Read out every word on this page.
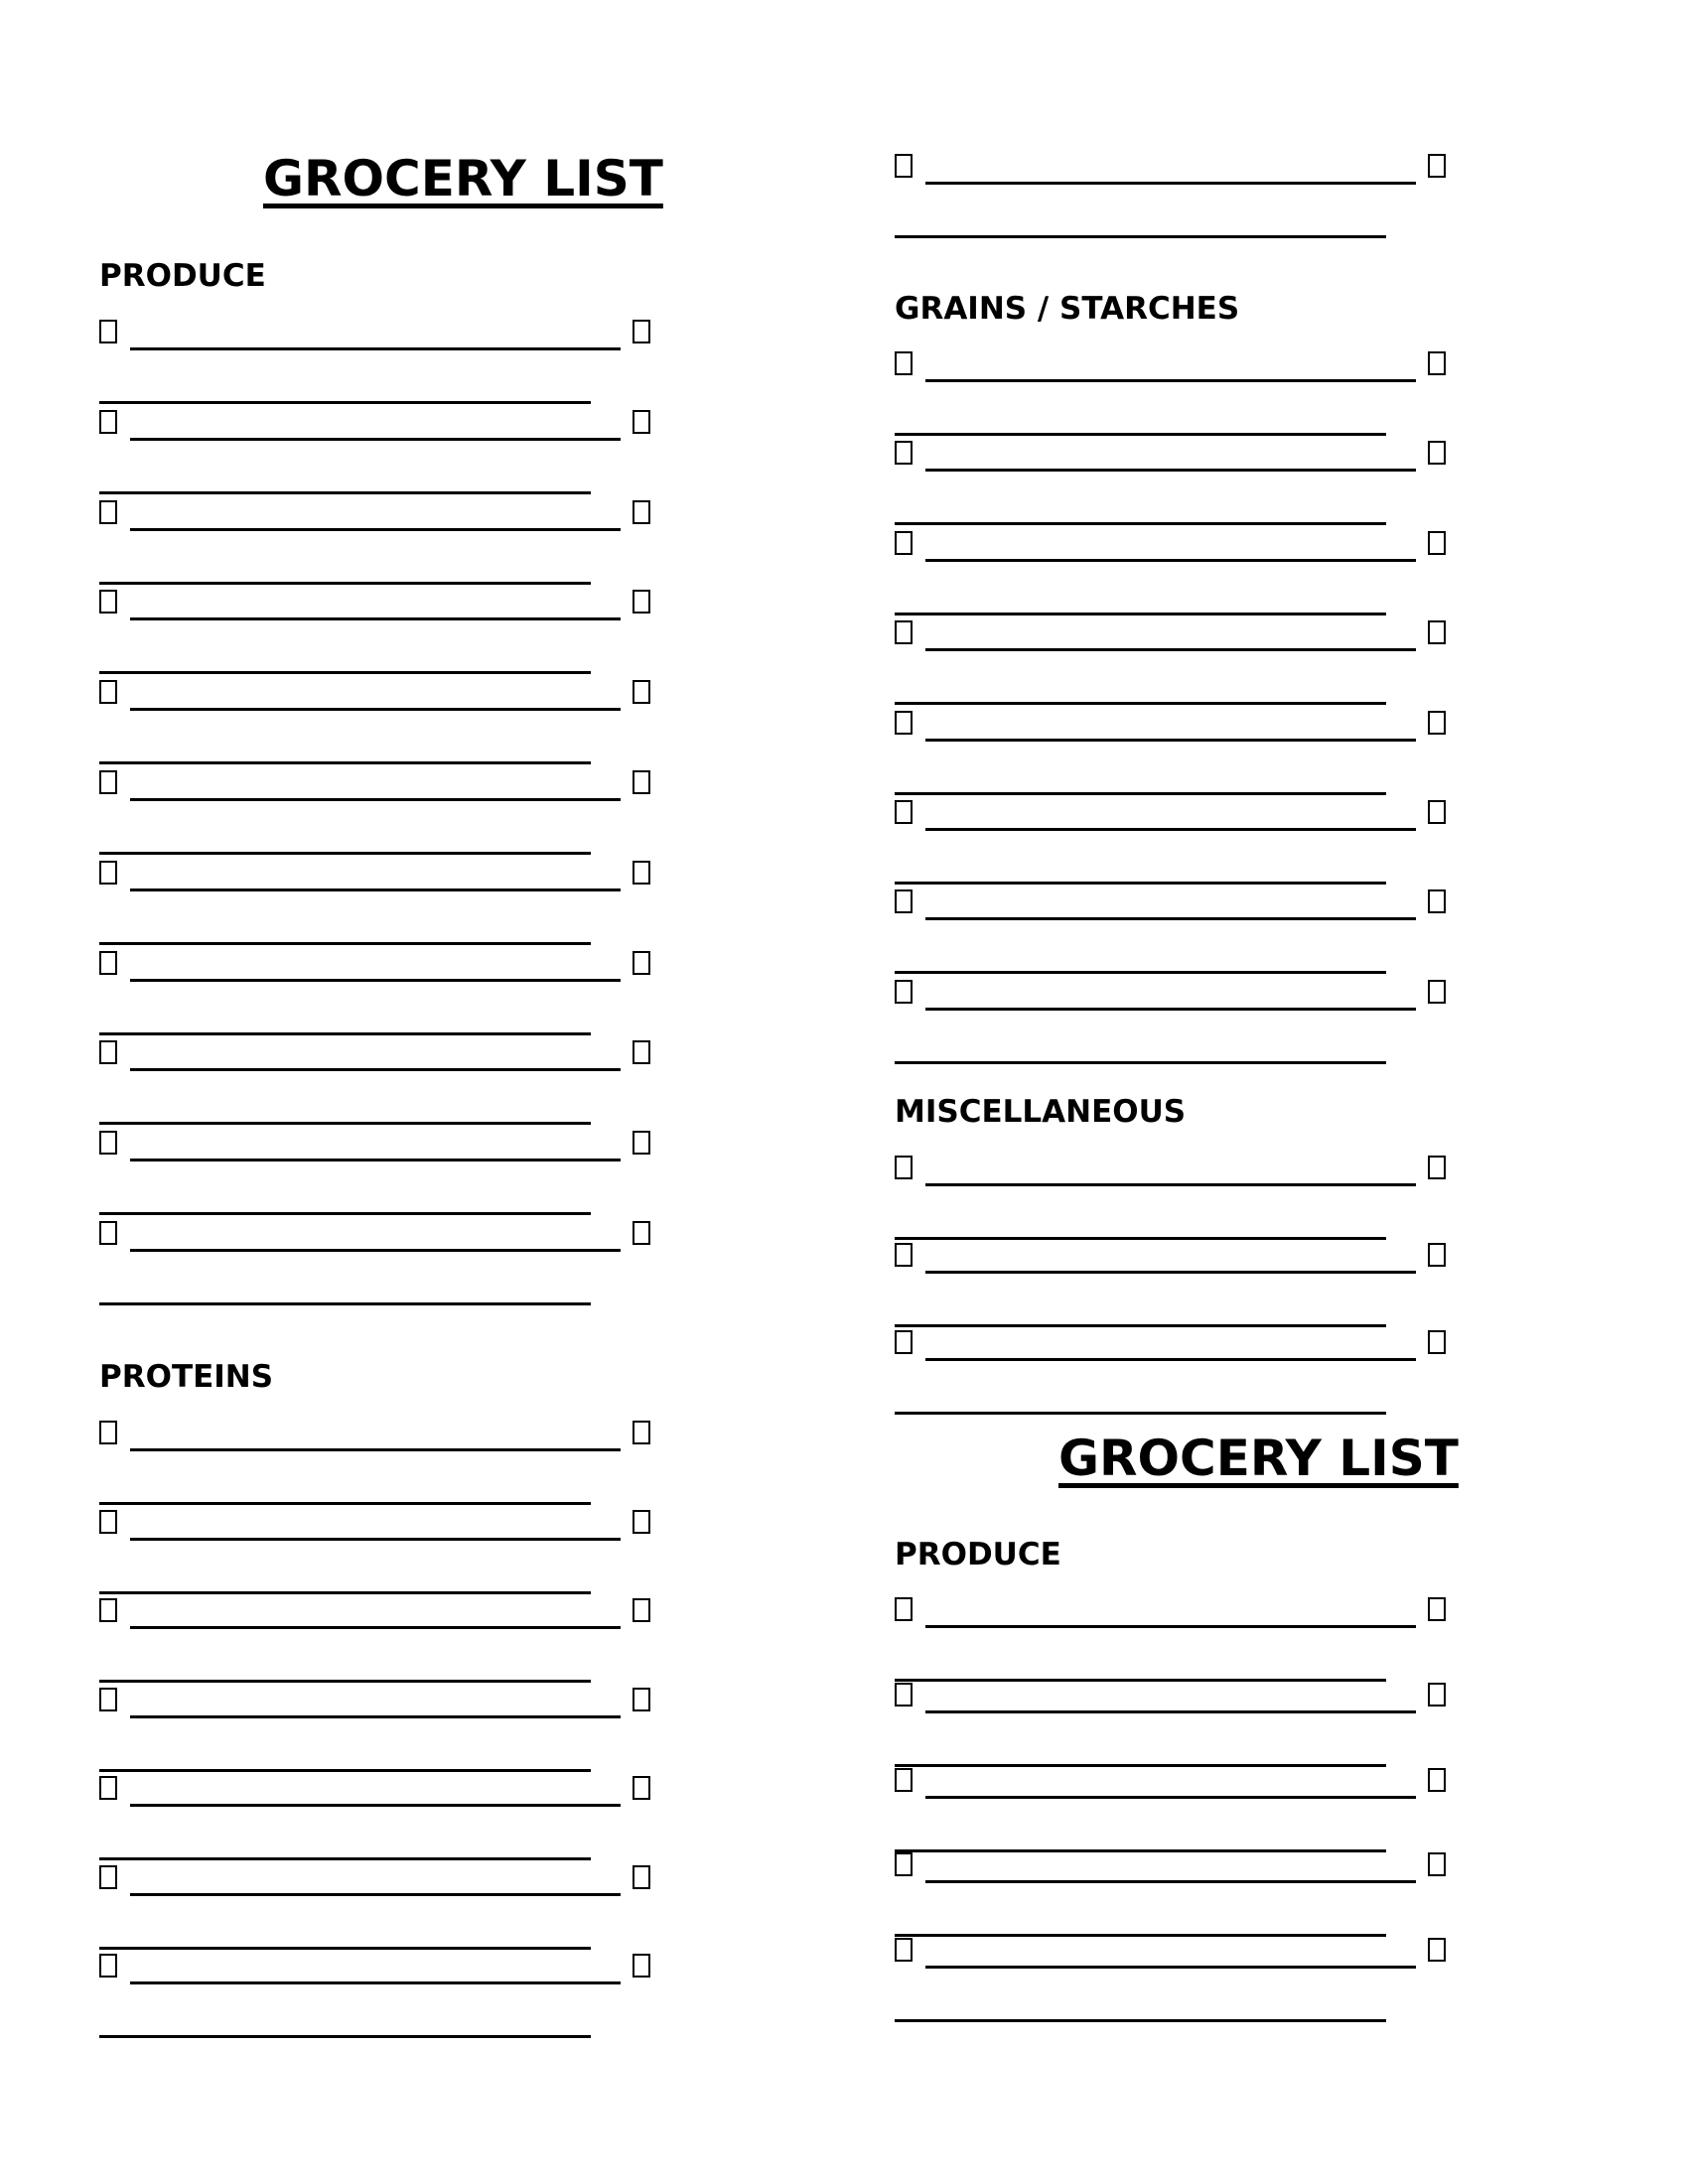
GROCERY LIST
PRODUCE
PROTEINS
GRAINS / STARCHES
MISCELLANEOUS
GROCERY LIST
PRODUCE
